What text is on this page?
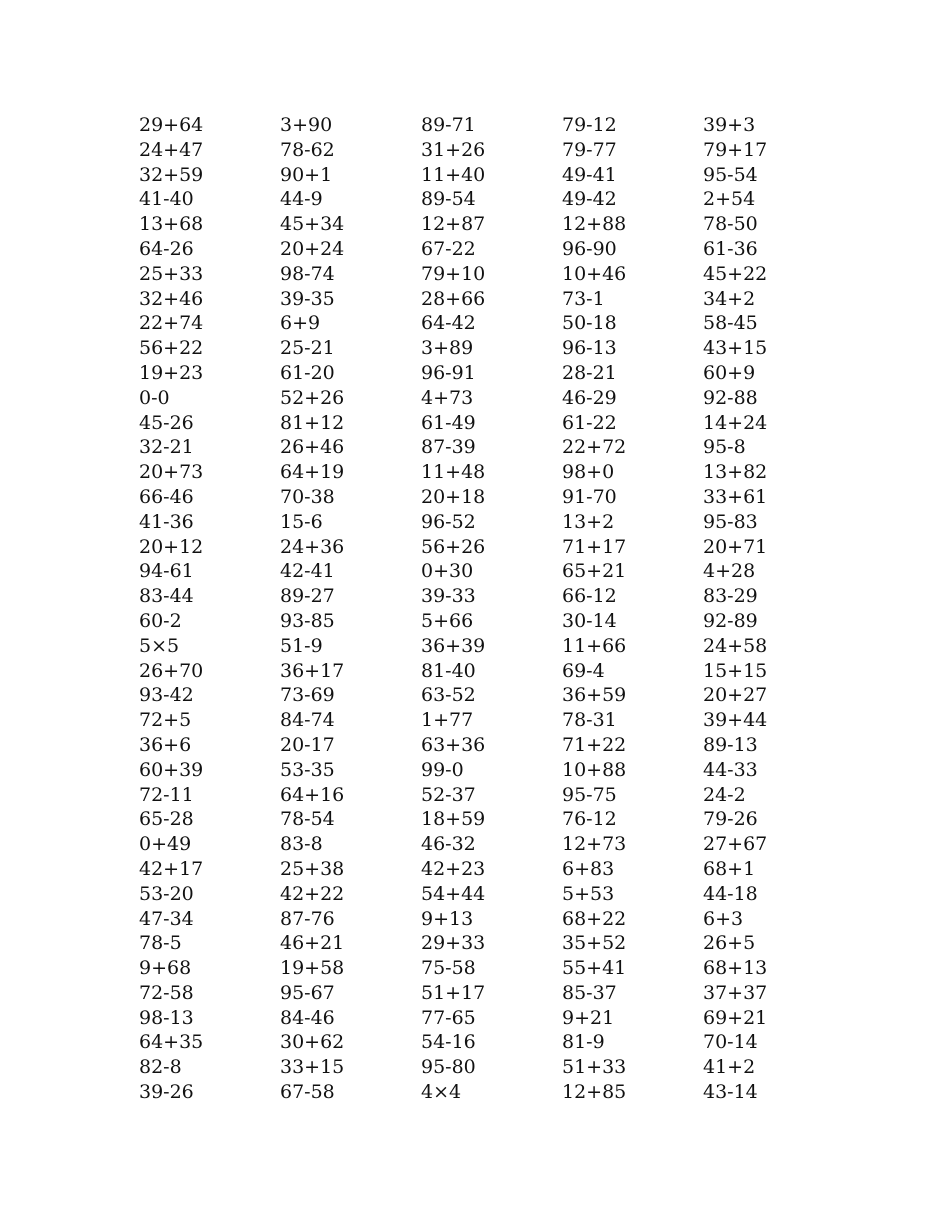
29+64	3+90	89-71	79-12	39+3
24+47	78-62	31+26	79-77	79+17
32+59	90+1	11+40	49-41	95-54
41-40	44-9	89-54	49-42	2+54
13+68	45+34	12+87	12+88	78-50
64-26	20+24	67-22	96-90	61-36
25+33	98-74	79+10	10+46	45+22
32+46	39-35	28+66	73-1	34+2
22+74	6+9	64-42	50-18	58-45
56+22	25-21	3+89	96-13	43+15
19+23	61-20	96-91	28-21	60+9
0-0	52+26	4+73	46-29	92-88
45-26	81+12	61-49	61-22	14+24
32-21	26+46	87-39	22+72	95-8
20+73	64+19	11+48	98+0	13+82
66-46	70-38	20+18	91-70	33+61
41-36	15-6	96-52	13+2	95-83
20+12	24+36	56+26	71+17	20+71
94-61	42-41	0+30	65+21	4+28
83-44	89-27	39-33	66-12	83-29
60-2	93-85	5+66	30-14	92-89
5×5	51-9	36+39	11+66	24+58
26+70	36+17	81-40	69-4	15+15
93-42	73-69	63-52	36+59	20+27
72+5	84-74	1+77	78-31	39+44
36+6	20-17	63+36	71+22	89-13
60+39	53-35	99-0	10+88	44-33
72-11	64+16	52-37	95-75	24-2
65-28	78-54	18+59	76-12	79-26
0+49	83-8	46-32	12+73	27+67
42+17	25+38	42+23	6+83	68+1
53-20	42+22	54+44	5+53	44-18
47-34	87-76	9+13	68+22	6+3
78-5	46+21	29+33	35+52	26+5
9+68	19+58	75-58	55+41	68+13
72-58	95-67	51+17	85-37	37+37
98-13	84-46	77-65	9+21	69+21
64+35	30+62	54-16	81-9	70-14
82-8	33+15	95-80	51+33	41+2
39-26	67-58	4×4	12+85	43-14
